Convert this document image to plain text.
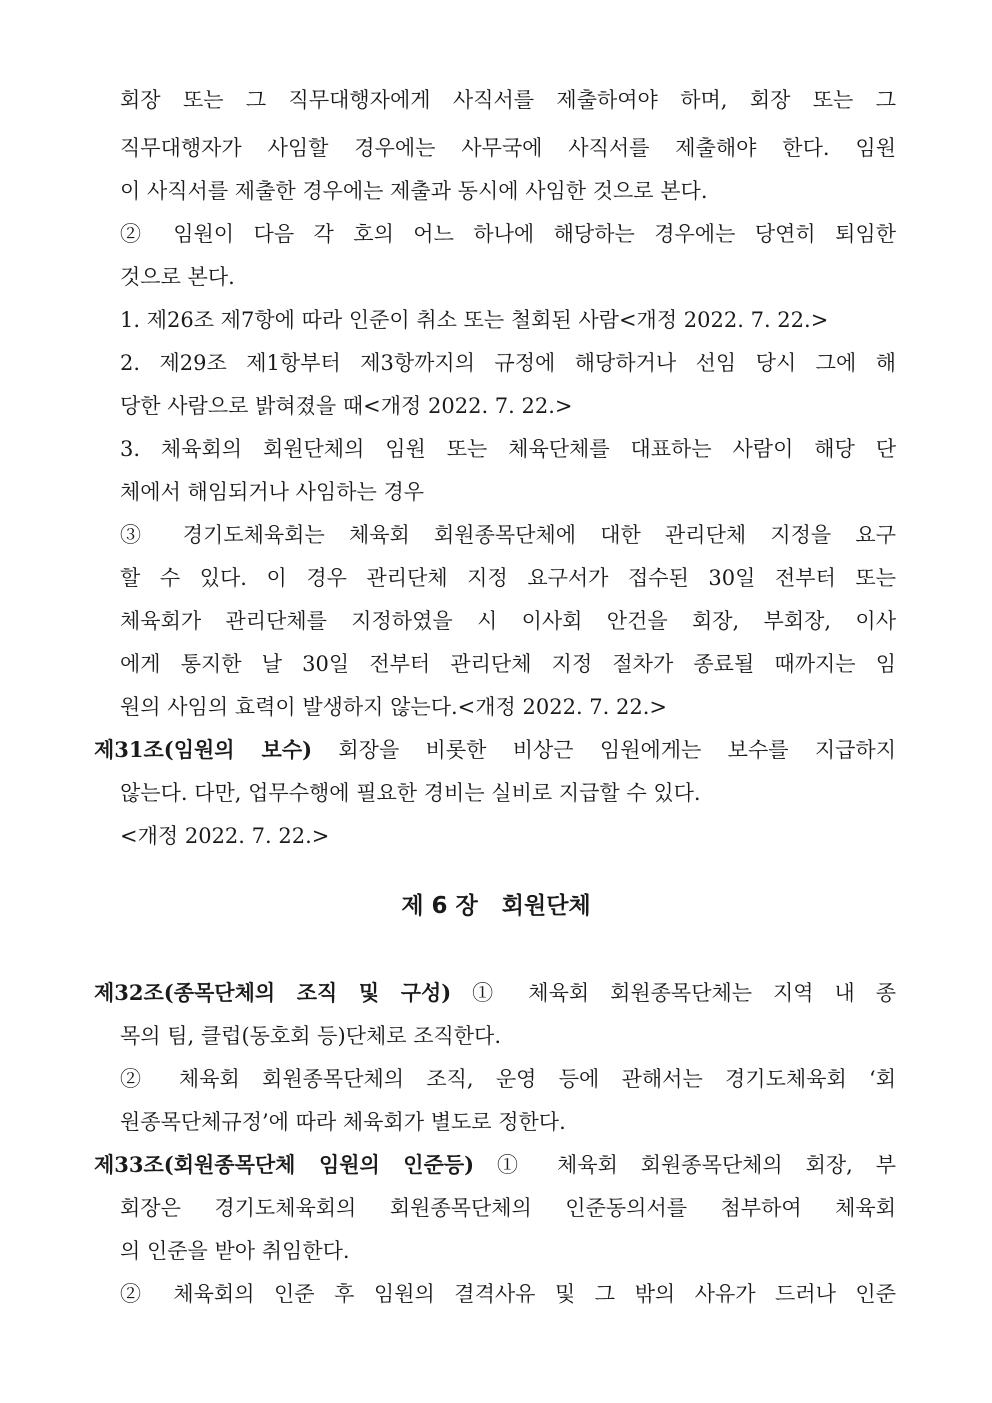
회장 또는 그 직무대행자에게 사직서를 제출하여야 하며, 회장 또는 그
직무대행자가 사임할 경우에는 사무국에 사직서를 제출해야 한다. 임원
이 사직서를 제출한 경우에는 제출과 동시에 사임한 것으로 본다.
② 임원이 다음 각 호의 어느 하나에 해당하는 경우에는 당연히 퇴임한
것으로 본다.
1. 제26조 제7항에 따라 인준이 취소 또는 철회된 사람<개정 2022. 7. 22.>
2. 제29조 제1항부터 제3항까지의 규정에 해당하거나 선임 당시 그에 해
당한 사람으로 밝혀졌을 때<개정 2022. 7. 22.>
3. 체육회의 회원단체의 임원 또는 체육단체를 대표하는 사람이 해당 단
체에서 해임되거나 사임하는 경우
③ 경기도체육회는 체육회 회원종목단체에 대한 관리단체 지정을 요구
할 수 있다. 이 경우 관리단체 지정 요구서가 접수된 30일 전부터 또는
체육회가 관리단체를 지정하였을 시 이사회 안건을 회장, 부회장, 이사
에게 통지한 날 30일 전부터 관리단체 지정 절차가 종료될 때까지는 임
원의 사임의 효력이 발생하지 않는다.<개정 2022. 7. 22.>
제31조(임원의 보수) 회장을 비롯한 비상근 임원에게는 보수를 지급하지
않는다. 다만, 업무수행에 필요한 경비는 실비로 지급할 수 있다.
<개정 2022. 7. 22.>
제 6 장   회원단체
제32조(종목단체의 조직 및 구성) ① 체육회 회원종목단체는 지역 내 종
목의 팀, 클럽(동호회 등)단체로 조직한다.
② 체육회 회원종목단체의 조직, 운영 등에 관해서는 경기도체육회 ‘회
원종목단체규정’에 따라 체육회가 별도로 정한다.
제33조(회원종목단체 임원의 인준등) ① 체육회 회원종목단체의 회장, 부
회장은 경기도체육회의 회원종목단체의 인준동의서를 첨부하여 체육회
의 인준을 받아 취임한다.
② 체육회의 인준 후 임원의 결격사유 및 그 밖의 사유가 드러나 인준
